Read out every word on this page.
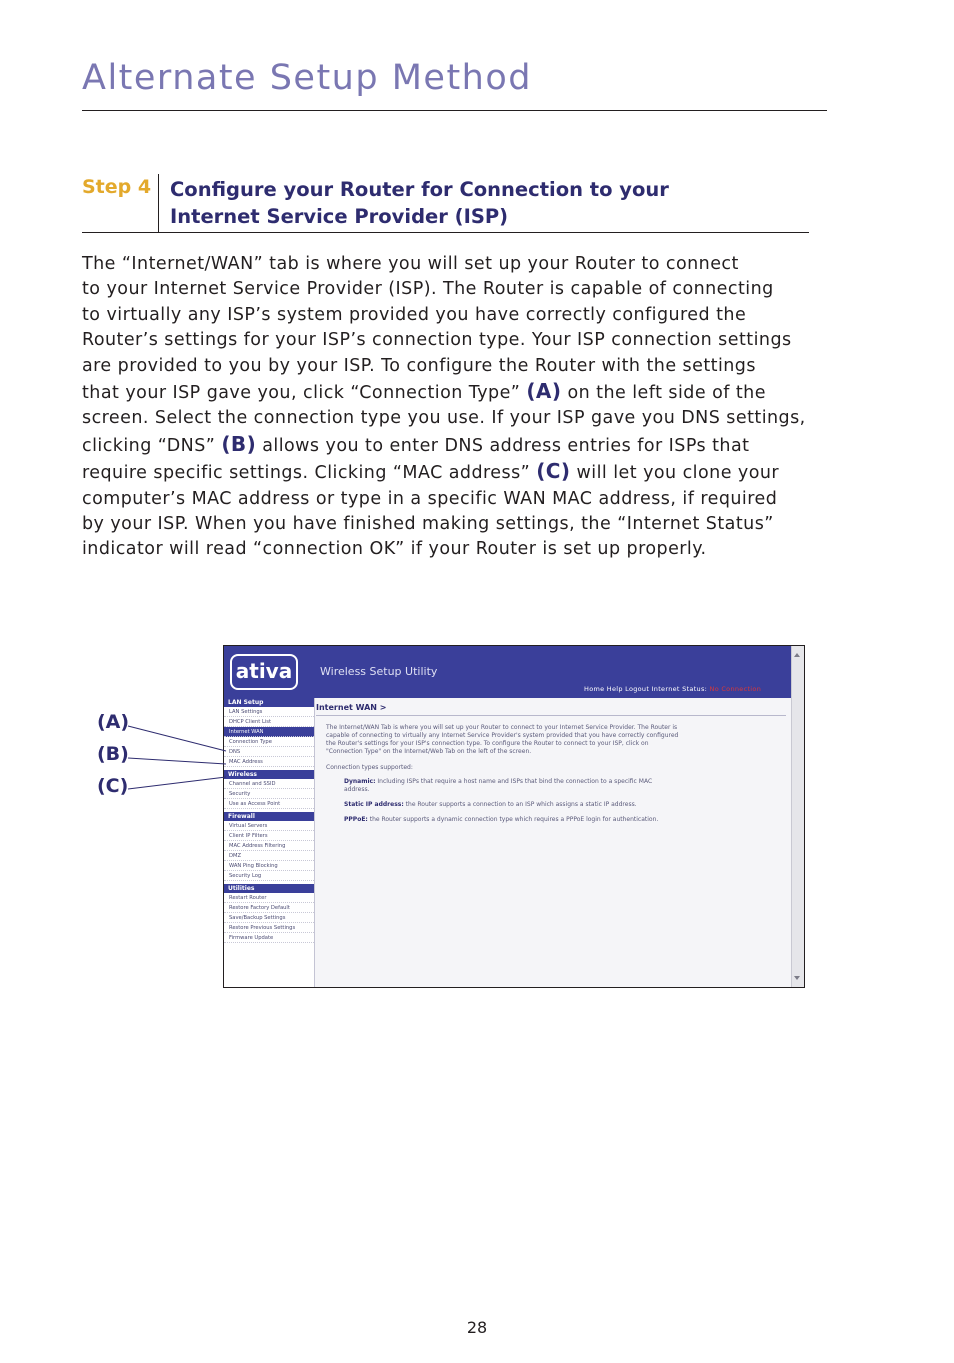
Alternate Setup Method
Step 4 Configure your Router for Connection to your
Internet Service Provider (ISP)
The “Internet/WAN” tab is where you will set up your Router to connect
to your Internet Service Provider (ISP). The Router is capable of connecting
to virtually any ISP’s system provided you have correctly configured the
Router’s settings for your ISP’s connection type. Your ISP connection settings
are provided to you by your ISP. To configure the Router with the settings
that your ISP gave you, click “Connection Type” (A) on the left side of the
screen. Select the connection type you use. If your ISP gave you DNS settings,
clicking “DNS” (B) allows you to enter DNS address entries for ISPs that
require specific settings. Clicking “MAC address” (C) will let you clone your
computer’s MAC address or type in a specific WAN MAC address, if required
by your ISP. When you have finished making settings, the “Internet Status”
indicator will read “connection OK” if your Router is set up properly.
ativa	Wireless Setup Utility
Home Help Logout Internet Status: No Connection
LAN Setup
LAN Settings
DHCP Client List
Internet WAN
Connection Type
DNS
MAC Address
Wireless
Channel and SSID
Security
Use as Access Point
Firewall
Virtual Servers
Client IP Filters
MAC Address Filtering
DMZ
WAN Ping Blocking
Security Log
Utilities
Restart Router
Restore Factory Default
Save/Backup Settings
Restore Previous Settings
Firmware Update
Internet WAN >
The Internet/WAN Tab is where you will set up your Router to connect to your Internet Service Provider. The Router is capable of connecting to virtually any Internet Service Provider's system provided that you have correctly configured the Router's settings for your ISP's connection type. To configure the Router to connect to your ISP, click on "Connection Type" on the Internet/Web Tab on the left of the screen.
Connection types supported:
Dynamic: Including ISPs that require a host name and ISPs that bind the connection to a specific MAC address.
Static IP address: the Router supports a connection to an ISP which assigns a static IP address.
PPPoE: the Router supports a dynamic connection type which requires a PPPoE login for authentication.
(A)
(B)
(C)
28
